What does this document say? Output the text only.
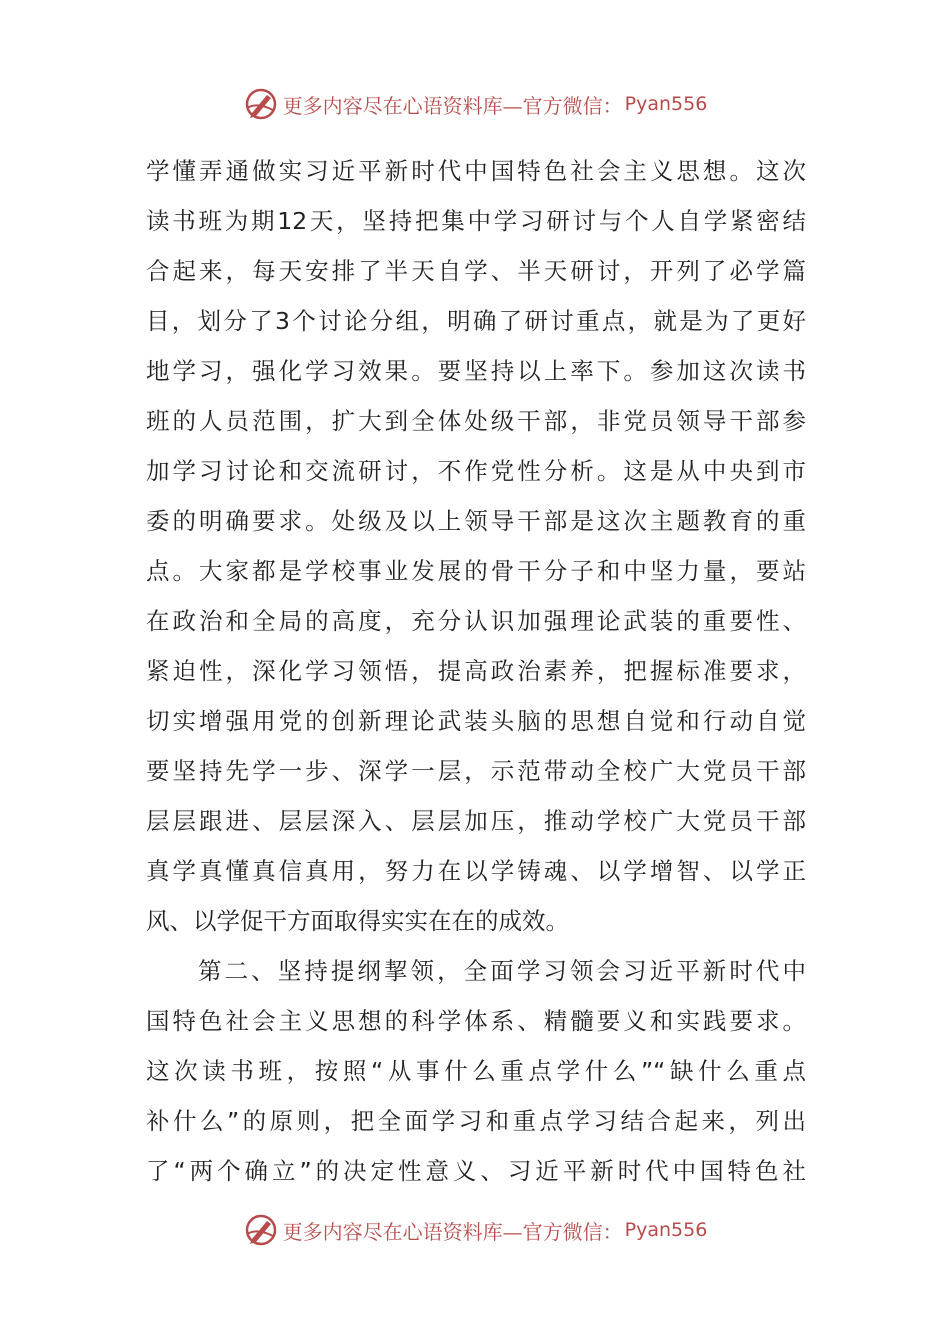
更多内容尽在心语资料库—官方微信： Pyan556
学懂弄通做实习近平新时代中国特色社会主义思想。这次
读书班为期12天，坚持把集中学习研讨与个人自学紧密结
合起来，每天安排了半天自学、半天研讨，开列了必学篇
目，划分了3个讨论分组，明确了研讨重点，就是为了更好
地学习，强化学习效果。要坚持以上率下。参加这次读书
班的人员范围，扩大到全体处级干部，非党员领导干部参
加学习讨论和交流研讨，不作党性分析。这是从中央到市
委的明确要求。处级及以上领导干部是这次主题教育的重
点。大家都是学校事业发展的骨干分子和中坚力量，要站
在政治和全局的高度，充分认识加强理论武装的重要性、
紧迫性，深化学习领悟，提高政治素养，把握标准要求，
切实增强用党的创新理论武装头脑的思想自觉和行动自觉
要坚持先学一步、深学一层，示范带动全校广大党员干部
层层跟进、层层深入、层层加压，推动学校广大党员干部
真学真懂真信真用，努力在以学铸魂、以学增智、以学正
风、以学促干方面取得实实在在的成效。
第二、坚持提纲挈领，全面学习领会习近平新时代中
国特色社会主义思想的科学体系、精髓要义和实践要求。
这次读书班，按照“从事什么重点学什么”“缺什么重点
补什么”的原则，把全面学习和重点学习结合起来，列出
了“两个确立”的决定性意义、习近平新时代中国特色社
更多内容尽在心语资料库—官方微信： Pyan556
